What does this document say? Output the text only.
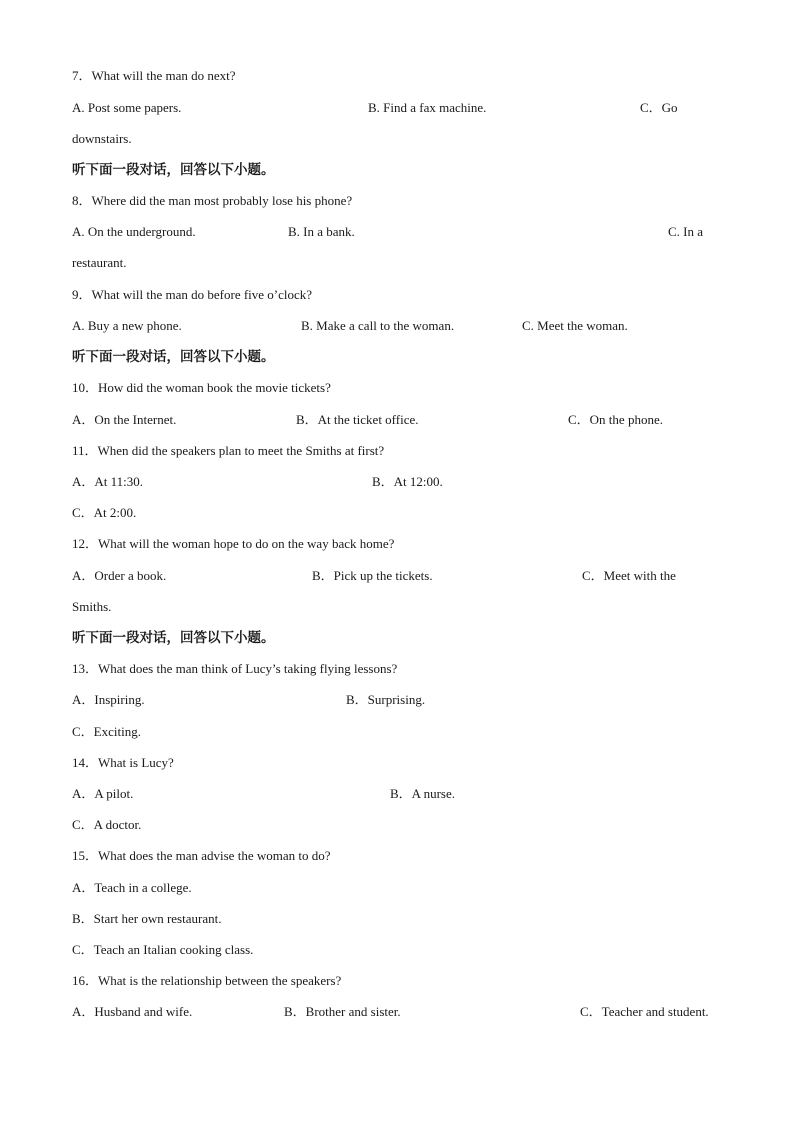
7．What will the man do next?
A. Post some papers.	B. Find a fax machine.	C．Go
downstairs.
听下面一段对话，回答以下小题。
8．Where did the man most probably lose his phone?
A. On the underground.	B. In a bank.	C. In a
restaurant.
9．What will the man do before five o’clock?
A. Buy a new phone.	B. Make a call to the woman.	C. Meet the woman.
听下面一段对话，回答以下小题。
10．How did the woman book the movie tickets?
A．On the Internet.	B．At the ticket office.	C．On the phone.
11．When did the speakers plan to meet the Smiths at first?
A．At 11:30.	B．At 12:00.
C．At 2:00.
12．What will the woman hope to do on the way back home?
A．Order a book.	B．Pick up the tickets.	C．Meet with the
Smiths.
听下面一段对话，回答以下小题。
13．What does the man think of Lucy’s taking flying lessons?
A．Inspiring.	B．Surprising.
C．Exciting.
14．What is Lucy?
A．A pilot.	B．A nurse.
C．A doctor.
15．What does the man advise the woman to do?
A．Teach in a college.
B．Start her own restaurant.
C．Teach an Italian cooking class.
16．What is the relationship between the speakers?
A．Husband and wife.	B．Brother and sister.	C．Teacher and student.
